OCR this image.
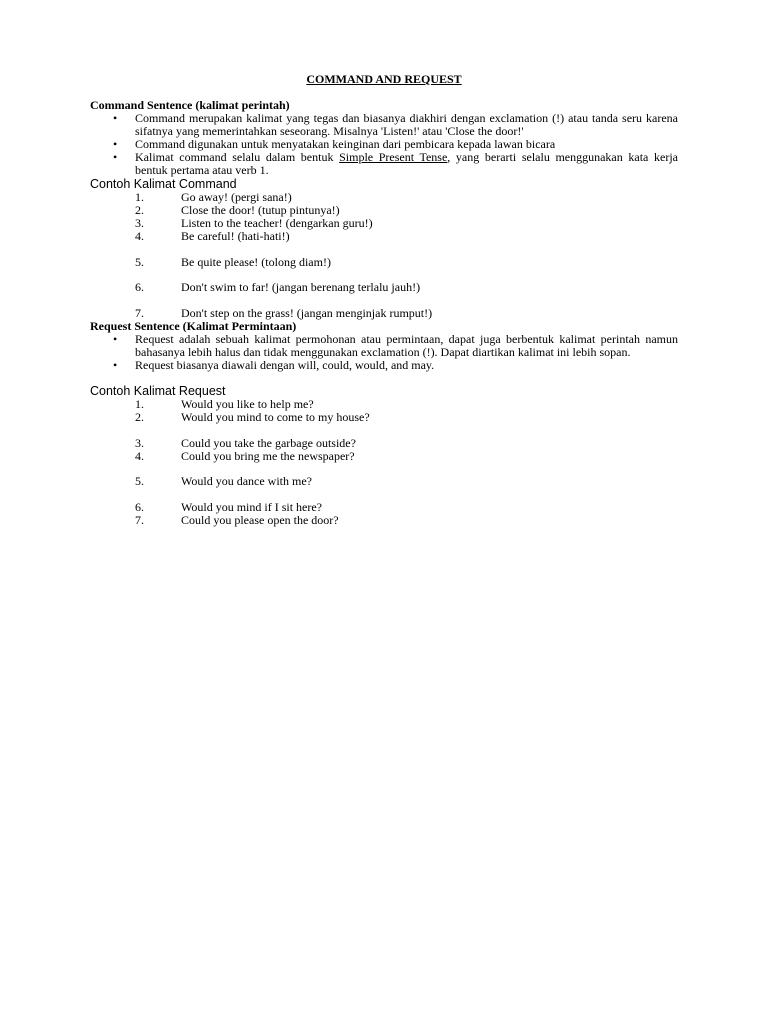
COMMAND AND REQUEST
Command Sentence (kalimat perintah)
• Command merupakan kalimat yang tegas dan biasanya diakhiri dengan exclamation (!) atau tanda seru karena sifatnya yang memerintahkan seseorang. Misalnya 'Listen!' atau 'Close the door!'
• Command digunakan untuk menyatakan keinginan dari pembicara kepada lawan bicara
• Kalimat command selalu dalam bentuk Simple Present Tense, yang berarti selalu menggunakan kata kerja bentuk pertama atau verb 1.
Contoh Kalimat Command
1.	Go away! (pergi sana!)
2.	Close the door! (tutup pintunya!)
3.	Listen to the teacher! (dengarkan guru!)
4.	Be careful! (hati-hati!)
5.	Be quite please! (tolong diam!)
6.	Don't swim to far! (jangan berenang terlalu jauh!)
7.	Don't step on the grass! (jangan menginjak rumput!)
Request Sentence (Kalimat Permintaan)
• Request adalah sebuah kalimat permohonan atau permintaan, dapat juga berbentuk kalimat perintah namun bahasanya lebih halus dan tidak menggunakan exclamation (!). Dapat diartikan kalimat ini lebih sopan.
• Request biasanya diawali dengan will, could, would, and may.
Contoh Kalimat Request
1.	Would you like to help me?
2.	Would you mind to come to my house?
3.	Could you take the garbage outside?
4.	Could you bring me the newspaper?
5.	Would you dance with me?
6.	Would you mind if I sit here?
7.	Could you please open the door?
